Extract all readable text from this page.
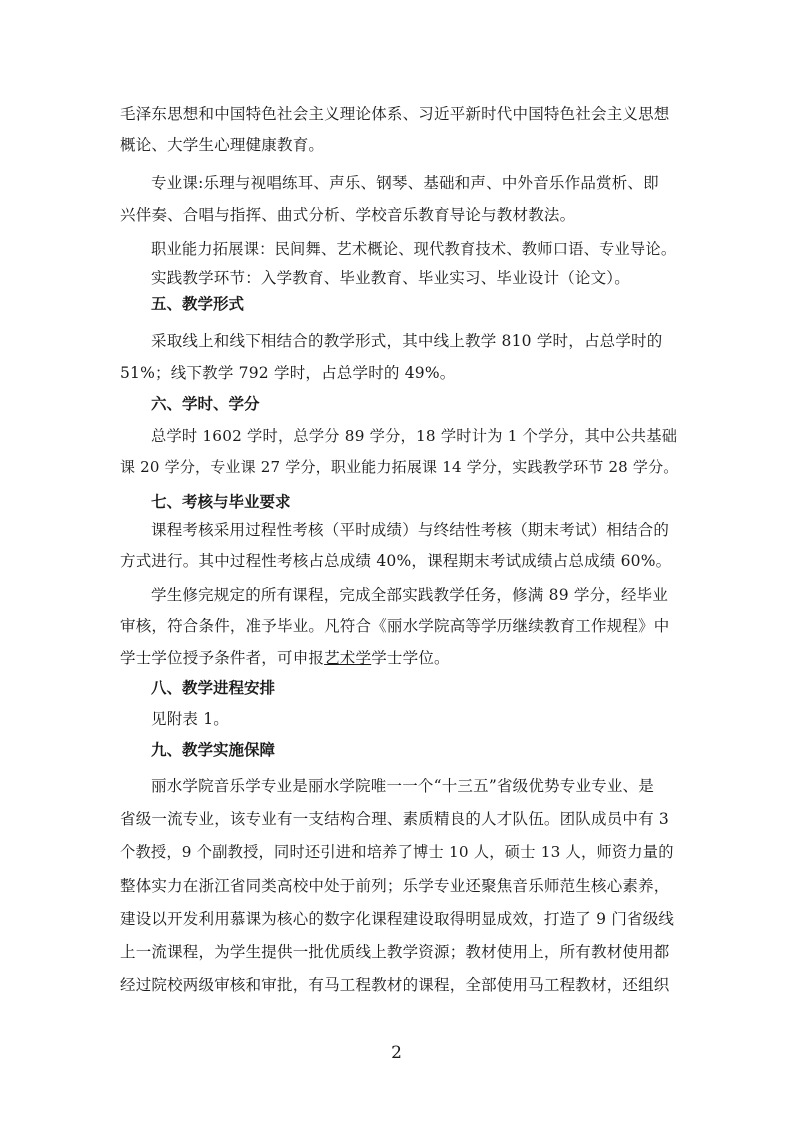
毛泽东思想和中国特色社会主义理论体系、习近平新时代中国特色社会主义思想
概论、大学生心理健康教育。
专业课:乐理与视唱练耳、声乐、钢琴、基础和声、中外音乐作品赏析、即
兴伴奏、合唱与指挥、曲式分析、学校音乐教育导论与教材教法。
职业能力拓展课：民间舞、艺术概论、现代教育技术、教师口语、专业导论。
实践教学环节：入学教育、毕业教育、毕业实习、毕业设计（论文）。
五、教学形式
采取线上和线下相结合的教学形式，其中线上教学 810 学时，占总学时的
51%；线下教学 792 学时，占总学时的 49%。
六、学时、学分
总学时 1602 学时，总学分 89 学分，18 学时计为 1 个学分，其中公共基础
课 20 学分，专业课 27 学分，职业能力拓展课 14 学分，实践教学环节 28 学分。
七、考核与毕业要求
课程考核采用过程性考核（平时成绩）与终结性考核（期末考试）相结合的
方式进行。其中过程性考核占总成绩 40%，课程期末考试成绩占总成绩 60%。
学生修完规定的所有课程，完成全部实践教学任务，修满 89 学分，经毕业
审核，符合条件，准予毕业。凡符合《丽水学院高等学历继续教育工作规程》中
学士学位授予条件者，可申报艺术学学士学位。
八、教学进程安排
见附表 1。
九、教学实施保障
丽水学院音乐学专业是丽水学院唯一一个“十三五”省级优势专业专业、是
省级一流专业，该专业有一支结构合理、素质精良的人才队伍。团队成员中有 3
个教授，9 个副教授，同时还引进和培养了博士 10 人，硕士 13 人，师资力量的
整体实力在浙江省同类高校中处于前列；乐学专业还聚焦音乐师范生核心素养，
建设以开发利用慕课为核心的数字化课程建设取得明显成效，打造了 9 门省级线
上一流课程，为学生提供一批优质线上教学资源；教材使用上，所有教材使用都
经过院校两级审核和审批，有马工程教材的课程，全部使用马工程教材，还组织
2
